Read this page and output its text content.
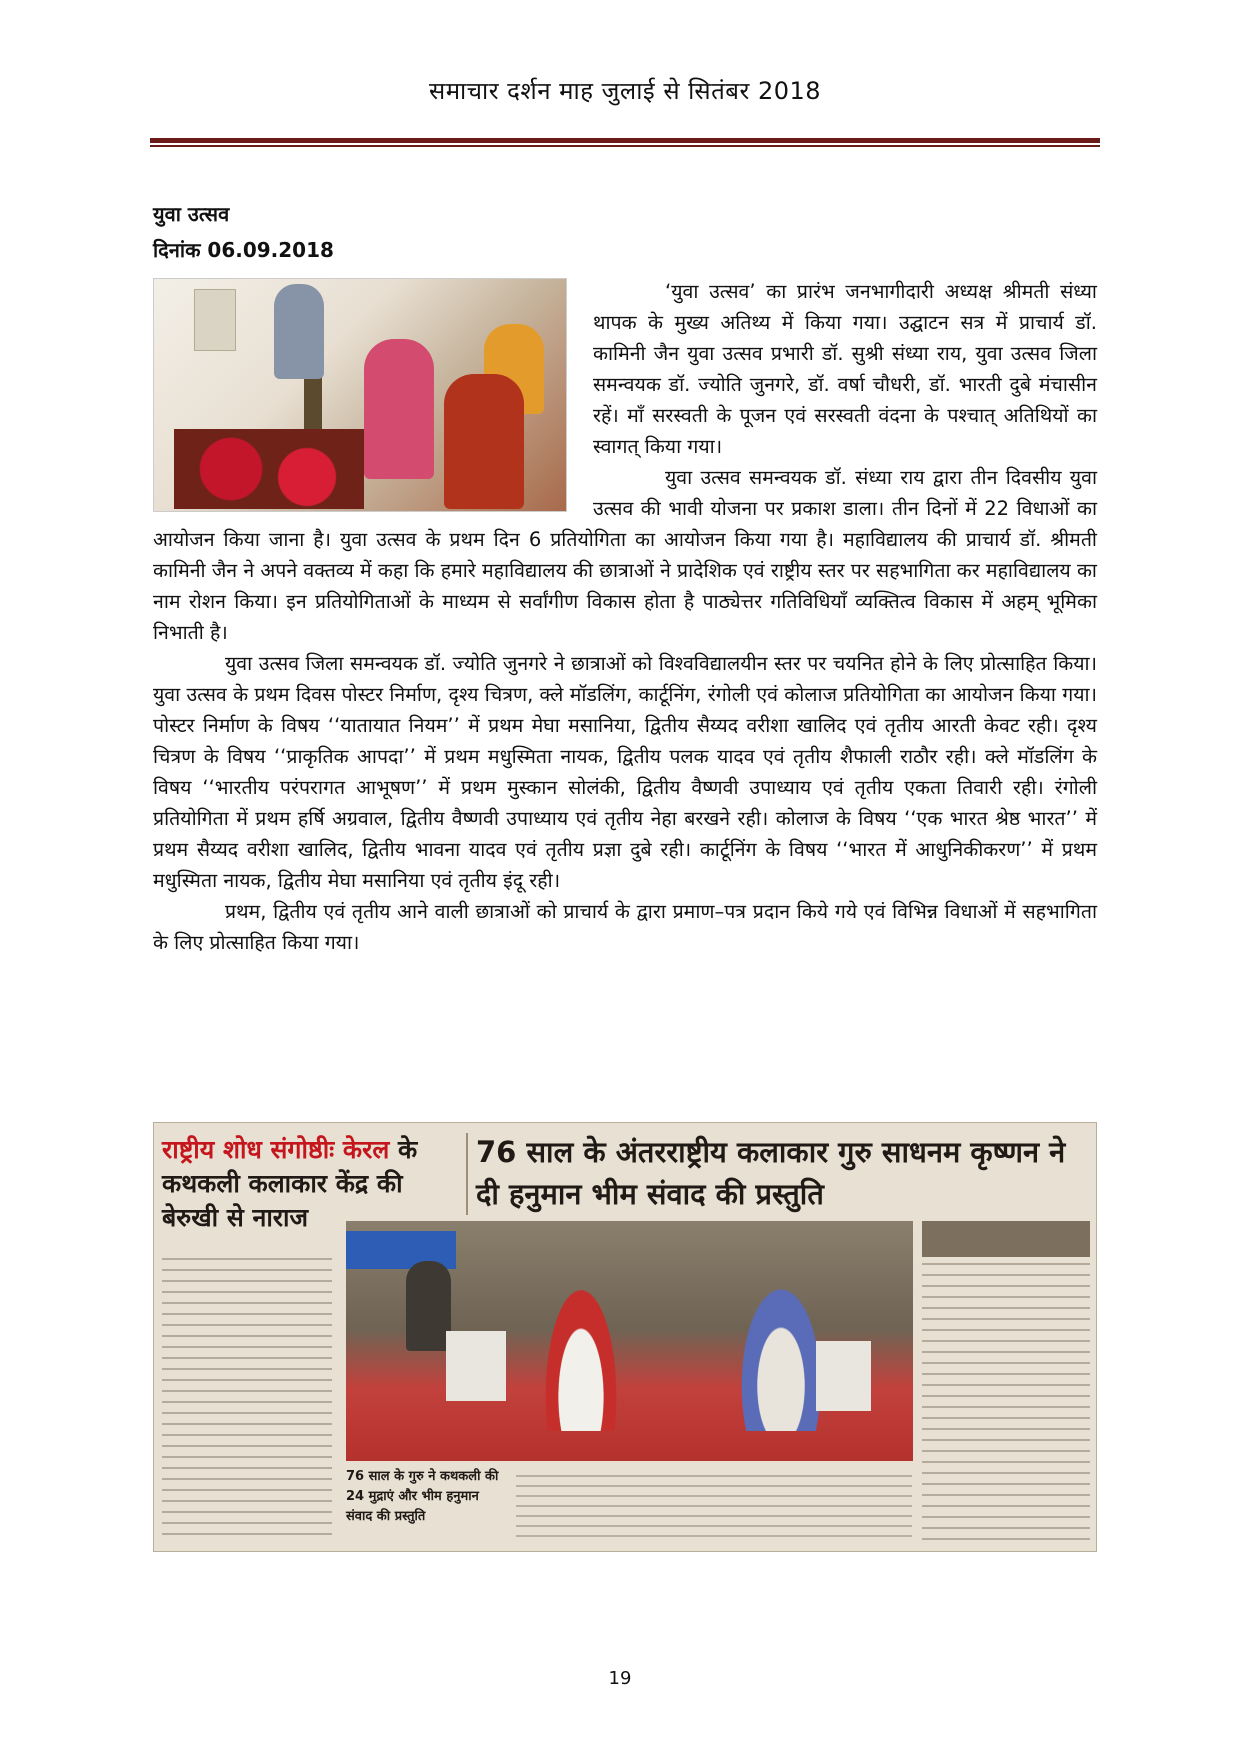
समाचार दर्शन माह जुलाई से सितंबर 2018
युवा उत्सव
दिनांक 06.09.2018

‘युवा उत्सव’ का प्रारंभ जनभागीदारी अध्यक्ष श्रीमती संध्या थापक के मुख्य अतिथ्य में किया गया। उद्घाटन सत्र में प्राचार्य डॉ. कामिनी जैन युवा उत्सव प्रभारी डॉ. सुश्री संध्या राय, युवा उत्सव जिला समन्वयक डॉ. ज्योति जुनगरे, डॉ. वर्षा चौधरी, डॉ. भारती दुबे मंचासीन रहें। माँ सरस्वती के पूजन एवं सरस्वती वंदना के पश्चात् अतिथियों का स्वागत् किया गया।

युवा उत्सव समन्वयक डॉ. संध्या राय द्वारा तीन दिवसीय युवा उत्सव की भावी योजना पर प्रकाश डाला। तीन दिनों में 22 विधाओं का आयोजन किया जाना है। युवा उत्सव के प्रथम दिन 6 प्रतियोगिता का आयोजन किया गया है। महाविद्यालय की प्राचार्य डॉ. श्रीमती कामिनी जैन ने अपने वक्तव्य में कहा कि हमारे महाविद्यालय की छात्राओं ने प्रादेशिक एवं राष्ट्रीय स्तर पर सहभागिता कर महाविद्यालय का नाम रोशन किया। इन प्रतियोगिताओं के माध्यम से सर्वांगीण विकास होता है पाठ्येत्तर गतिविधियाँ व्यक्तित्व विकास में अहम् भूमिका निभाती है।

युवा उत्सव जिला समन्वयक डॉ. ज्योति जुनगरे ने छात्राओं को विश्वविद्यालयीन स्तर पर चयनित होने के लिए प्रोत्साहित किया। युवा उत्सव के प्रथम दिवस पोस्टर निर्माण, दृश्य चित्रण, क्ले मॉडलिंग, कार्टूनिंग, रंगोली एवं कोलाज प्रतियोगिता का आयोजन किया गया। पोस्टर निर्माण के विषय ‘‘यातायात नियम’’ में प्रथम मेघा मसानिया, द्वितीय सैय्यद वरीशा खालिद एवं तृतीय आरती केवट रही। दृश्य चित्रण के विषय ‘‘प्राकृतिक आपदा’’ में प्रथम मधुस्मिता नायक, द्वितीय पलक यादव एवं तृतीय शैफाली राठौर रही। क्ले मॉडलिंग के विषय ‘‘भारतीय परंपरागत आभूषण’’ में प्रथम मुस्कान सोलंकी, द्वितीय वैष्णवी उपाध्याय एवं तृतीय एकता तिवारी रही। रंगोली प्रतियोगिता में प्रथम हर्षि अग्रवाल, द्वितीय वैष्णवी उपाध्याय एवं तृतीय नेहा बरखने रही। कोलाज के विषय ‘‘एक भारत श्रेष्ठ भारत’’ में प्रथम सैय्यद वरीशा खालिद, द्वितीय भावना यादव एवं तृतीय प्रज्ञा दुबे रही। कार्टूनिंग के विषय ‘‘भारत में आधुनिकीकरण’’ में प्रथम मधुस्मिता नायक, द्वितीय मेघा मसानिया एवं तृतीय इंदू रही।

प्रथम, द्वितीय एवं तृतीय आने वाली छात्राओं को प्राचार्य के द्वारा प्रमाण–पत्र प्रदान किये गये एवं विभिन्न विधाओं में सहभागिता के लिए प्रोत्साहित किया गया।

राष्ट्रीय शोध संगोष्ठीः केरल के कथकली कलाकार केंद्र की बेरुखी से नाराज
76 साल के अंतरराष्ट्रीय कलाकार गुरु साधनम कृष्णन ने दी हनुमान भीम संवाद की प्रस्तुति
76 साल के गुरु ने कथकली की 24 मुद्राएं और भीम हनुमान संवाद की प्रस्तुति
19
